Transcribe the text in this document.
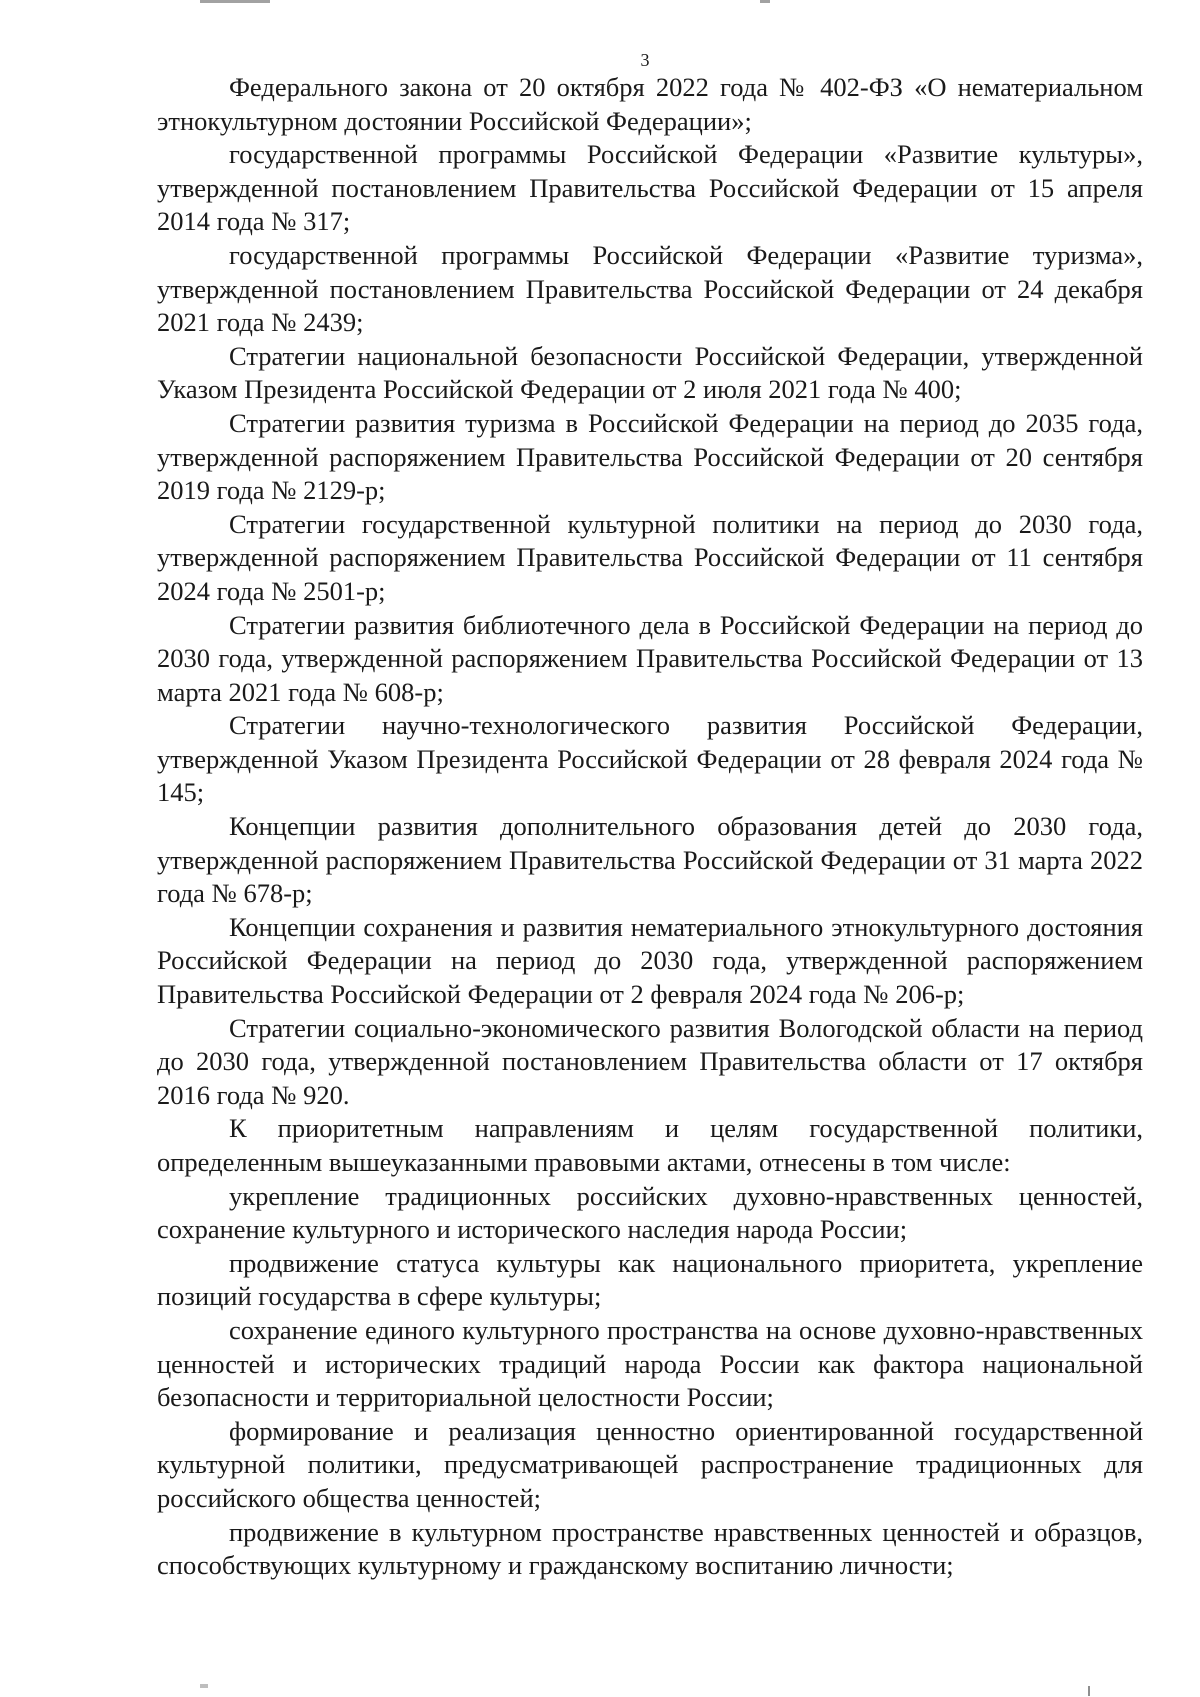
3

Федерального закона от 20 октября 2022 года № 402-ФЗ «О нематериальном этнокультурном достоянии Российской Федерации»;

государственной программы Российской Федерации «Развитие культуры», утвержденной постановлением Правительства Российской Федерации от 15 апреля 2014 года № 317;

государственной программы Российской Федерации «Развитие туризма», утвержденной постановлением Правительства Российской Федерации от 24 декабря 2021 года № 2439;

Стратегии национальной безопасности Российской Федерации, утвержденной Указом Президента Российской Федерации от 2 июля 2021 года № 400;

Стратегии развития туризма в Российской Федерации на период до 2035 года, утвержденной распоряжением Правительства Российской Федерации от 20 сентября 2019 года № 2129-р;

Стратегии государственной культурной политики на период до 2030 года, утвержденной распоряжением Правительства Российской Федерации от 11 сентября 2024 года № 2501-р;

Стратегии развития библиотечного дела в Российской Федерации на период до 2030 года, утвержденной распоряжением Правительства Российской Федерации от 13 марта 2021 года № 608-р;

Стратегии научно-технологического развития Российской Федерации, утвержденной Указом Президента Российской Федерации от 28 февраля 2024 года № 145;

Концепции развития дополнительного образования детей до 2030 года, утвержденной распоряжением Правительства Российской Федерации от 31 марта 2022 года № 678-р;

Концепции сохранения и развития нематериального этнокультурного достояния Российской Федерации на период до 2030 года, утвержденной распоряжением Правительства Российской Федерации от 2 февраля 2024 года № 206-р;

Стратегии социально-экономического развития Вологодской области на период до 2030 года, утвержденной постановлением Правительства области от 17 октября 2016 года № 920.

К приоритетным направлениям и целям государственной политики, определенным вышеуказанными правовыми актами, отнесены в том числе:

укрепление традиционных российских духовно-нравственных ценностей, сохранение культурного и исторического наследия народа России;

продвижение статуса культуры как национального приоритета, укрепление позиций государства в сфере культуры;

сохранение единого культурного пространства на основе духовно-нравственных ценностей и исторических традиций народа России как фактора национальной безопасности и территориальной целостности России;

формирование и реализация ценностно ориентированной государственной культурной политики, предусматривающей распространение традиционных для российского общества ценностей;

продвижение в культурном пространстве нравственных ценностей и образцов, способствующих культурному и гражданскому воспитанию личности;
